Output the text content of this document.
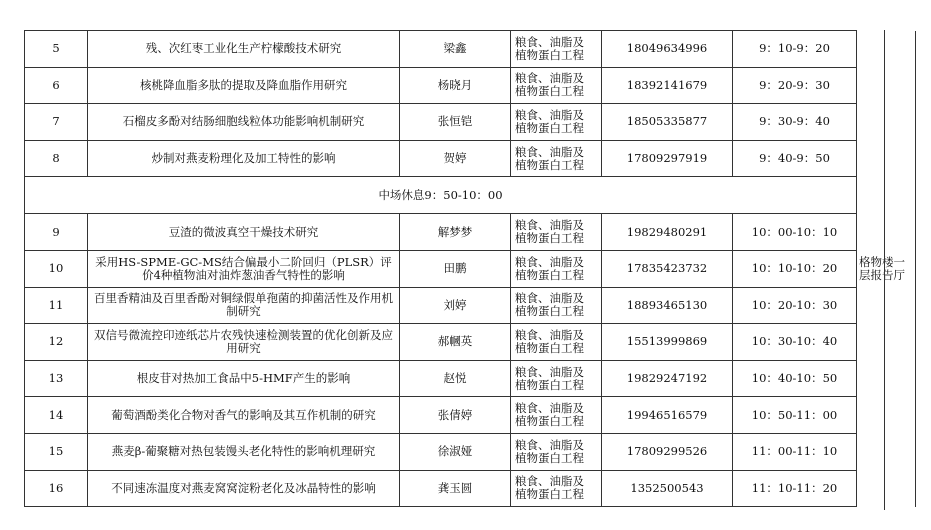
5	残、次红枣工业化生产柠檬酸技术研究	梁鑫	粮食、油脂及植物蛋白工程	18049634996	9：10-9：20	格物楼一层报告厅

6	核桃降血脂多肽的提取及降血脂作用研究	杨晓月	粮食、油脂及植物蛋白工程	18392141679	9：20-9：30	
7	石榴皮多酚对结肠细胞线粒体功能影响机制研究	张恒铠	粮食、油脂及植物蛋白工程	18505335877	9：30-9：40	
8	炒制对燕麦粉理化及加工特性的影响	贺婷	粮食、油脂及植物蛋白工程	17809297919	9：40-9：50	
中场休息9：50-10：00						
9	豆渣的微波真空干燥技术研究	解梦梦	粮食、油脂及植物蛋白工程	19829480291	10：00-10：10	
10	采用HS-SPME-GC-MS结合偏最小二阶回归（PLSR）评价4种植物油对油炸葱油香气特性的影响	田鹏	粮食、油脂及植物蛋白工程	17835423732	10：10-10：20	
11	百里香精油及百里香酚对铜绿假单孢菌的抑菌活性及作用机制研究	刘婷	粮食、油脂及植物蛋白工程	18893465130	10：20-10：30	
12	双信号微流控印迹纸芯片农残快速检测装置的优化创新及应用研究	郝幗英	粮食、油脂及植物蛋白工程	15513999869	10：30-10：40	
13	根皮苷对热加工食品中5-HMF产生的影响	赵悦	粮食、油脂及植物蛋白工程	19829247192	10：40-10：50	
14	葡萄酒酚类化合物对香气的影响及其互作机制的研究	张倩婷	粮食、油脂及植物蛋白工程	19946516579	10：50-11：00	
15	燕麦β-葡聚糖对热包装馒头老化特性的影响机理研究	徐淑娅	粮食、油脂及植物蛋白工程	17809299526	11：00-11：10	
16	不同速冻温度对燕麦窝窝淀粉老化及冰晶特性的影响	龚玉圆	粮食、油脂及植物蛋白工程	1352500543	11：10-11：20	
